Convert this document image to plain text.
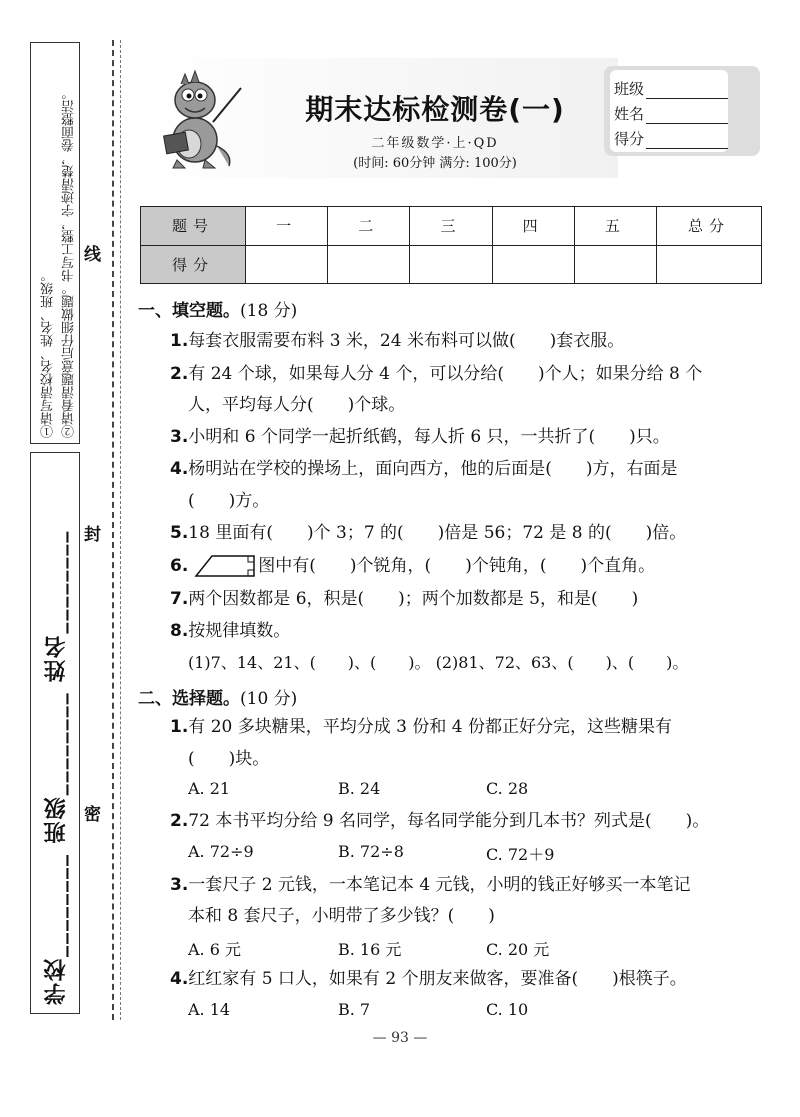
①请写清校名、姓名、班级。 ②请看清题意后仔细做题。书写工整，字迹清楚，卷面整洁。
学校________ 班级________ 姓名________
线
封
密
期末达标检测卷(一)
二年级数学·上·QD
(时间: 60分钟 满分: 100分)
班级
姓名
得分
题号	一	二	三	四	五	总分
得分						
一、填空题。(18 分)
1.每套衣服需要布料 3 米，24 米布料可以做(　　)套衣服。
2.有 24 个球，如果每人分 4 个，可以分给(　　)个人；如果分给 8 个
人，平均每人分(　　)个球。
3.小明和 6 个同学一起折纸鹤，每人折 6 只，一共折了(　　)只。
4.杨明站在学校的操场上，面向西方，他的后面是(　　)方，右面是
(　　)方。
5.18 里面有(　　)个 3；7 的(　　)倍是 56；72 是 8 的(　　)倍。
6.	图中有(　　)个锐角，(　　)个钝角，(　　)个直角。
7.两个因数都是 6，积是(　　)；两个加数都是 5，和是(　　)
8.按规律填数。
(1)7、14、21、(　　)、(　　)。 (2)81、72、63、(　　)、(　　)。
二、选择题。(10 分)
1.有 20 多块糖果，平均分成 3 份和 4 份都正好分完，这些糖果有
(　　)块。
A. 21	B. 24	C. 28
2.72 本书平均分给 9 名同学，每名同学能分到几本书？列式是(　　)。
A. 72÷9	B. 72÷8	C. 72＋9
3.一套尺子 2 元钱，一本笔记本 4 元钱，小明的钱正好够买一本笔记
本和 8 套尺子，小明带了多少钱？(　　)
A. 6 元	B. 16 元	C. 20 元
4.红红家有 5 口人，如果有 2 个朋友来做客，要准备(　　)根筷子。
A. 14	B. 7	C. 10
— 93 —
